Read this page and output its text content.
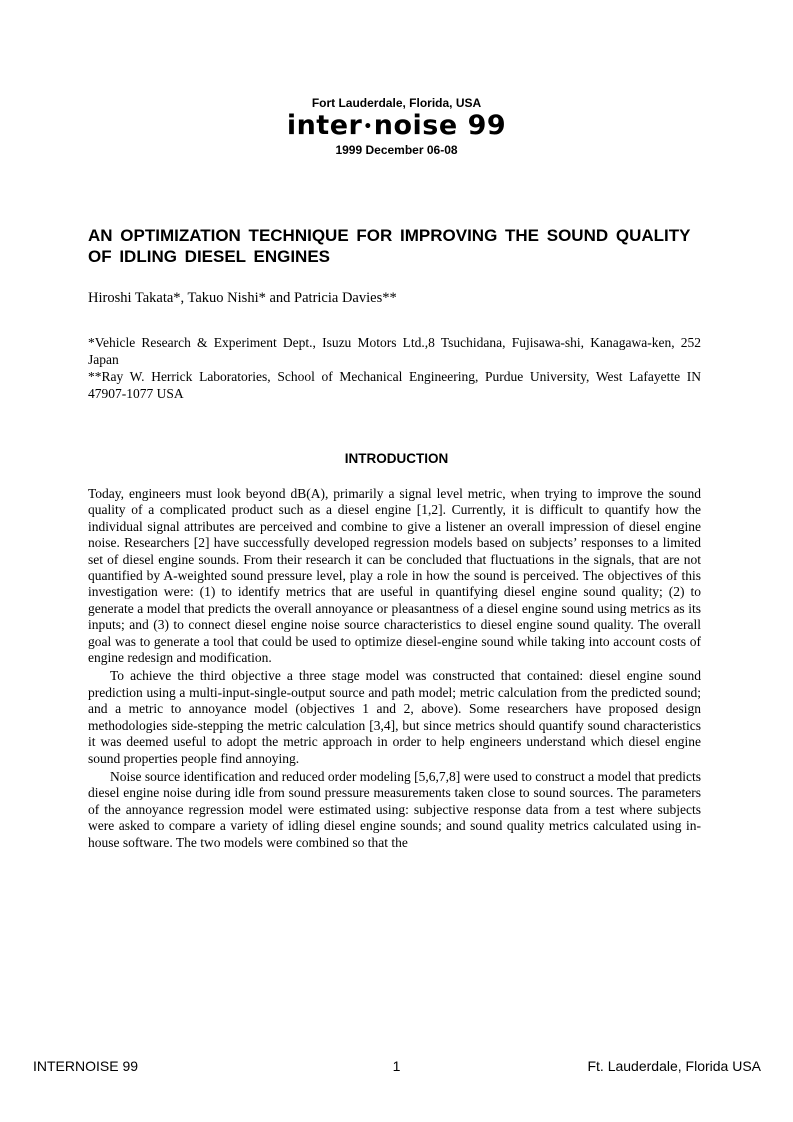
Fort Lauderdale, Florida, USA
inter•noise 99
1999 December 06-08
AN OPTIMIZATION TECHNIQUE FOR IMPROVING THE SOUND QUALITY OF IDLING DIESEL ENGINES
Hiroshi Takata*, Takuo Nishi* and Patricia Davies**

*Vehicle Research & Experiment Dept., Isuzu Motors Ltd.,8 Tsuchidana, Fujisawa-shi, Kanagawa-ken, 252 Japan

**Ray W. Herrick Laboratories, School of Mechanical Engineering, Purdue University, West Lafayette IN 47907-1077 USA

INTRODUCTION

Today, engineers must look beyond dB(A), primarily a signal level metric, when trying to improve the sound quality of a complicated product such as a diesel engine [1,2]. Currently, it is difficult to quantify how the individual signal attributes are perceived and combine to give a listener an overall impression of diesel engine noise. Researchers [2] have successfully developed regression models based on subjects’ responses to a limited set of diesel engine sounds. From their research it can be concluded that fluctuations in the signals, that are not quantified by A-weighted sound pressure level, play a role in how the sound is perceived. The objectives of this investigation were: (1) to identify metrics that are useful in quantifying diesel engine sound quality; (2) to generate a model that predicts the overall annoyance or pleasantness of a diesel engine sound using metrics as its inputs; and (3) to connect diesel engine noise source characteristics to diesel engine sound quality. The overall goal was to generate a tool that could be used to optimize diesel-engine sound while taking into account costs of engine redesign and modification.

To achieve the third objective a three stage model was constructed that contained: diesel engine sound prediction using a multi-input-single-output source and path model; metric calculation from the predicted sound; and a metric to annoyance model (objectives 1 and 2, above). Some researchers have proposed design methodologies side-stepping the metric calculation [3,4], but since metrics should quantify sound characteristics it was deemed useful to adopt the metric approach in order to help engineers understand which diesel engine sound properties people find annoying.

Noise source identification and reduced order modeling [5,6,7,8] were used to construct a model that predicts diesel engine noise during idle from sound pressure measurements taken close to sound sources. The parameters of the annoyance regression model were estimated using: subjective response data from a test where subjects were asked to compare a variety of idling diesel engine sounds; and sound quality metrics calculated using in-house software. The two models were combined so that the

INTERNOISE 99	1	Ft. Lauderdale, Florida USA
